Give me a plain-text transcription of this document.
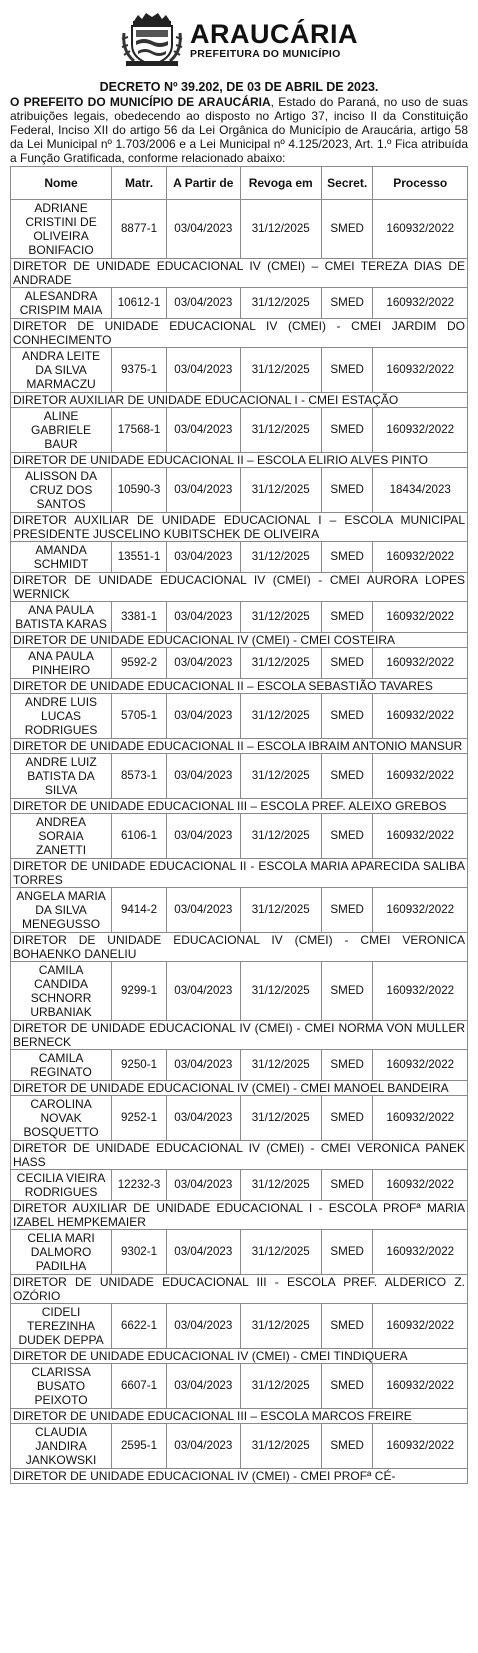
ARAUCÁRIA
PREFEITURA DO MUNICÍPIO
DECRETO Nº 39.202, DE 03 DE ABRIL DE 2023.
O PREFEITO DO MUNICÍPIO DE ARAUCÁRIA, Estado do Paraná, no uso de suas atribuições legais, obedecendo ao disposto no Artigo 37, inciso II da Constituição Federal, Inciso XII do artigo 56 da Lei Orgânica do Município de Araucária, artigo 58 da Lei Municipal nº 1.703/2006 e a Lei Municipal nº 4.125/2023, Art. 1.º Fica atribuída a Função Gratificada, conforme relacionado abaixo:
Nome	Matr.	A Partir de	Revoga em	Secret.	Processo
ADRIANE CRISTINI DE OLIVEIRA BONIFACIO	8877-1	03/04/2023	31/12/2025	SMED	160932/2022
DIRETOR DE UNIDADE EDUCACIONAL IV (CMEI) – CMEI TEREZA DIAS DE ANDRADE					
ALESANDRA CRISPIM MAIA	10612-1	03/04/2023	31/12/2025	SMED	160932/2022
DIRETOR DE UNIDADE EDUCACIONAL IV (CMEI) - CMEI JARDIM DO CONHECIMENTO					
ANDRA LEITE DA SILVA MARMACZU	9375-1	03/04/2023	31/12/2025	SMED	160932/2022
DIRETOR AUXILIAR DE UNIDADE EDUCACIONAL I - CMEI ESTAÇÃO					
ALINE GABRIELE BAUR	17568-1	03/04/2023	31/12/2025	SMED	160932/2022
DIRETOR DE UNIDADE EDUCACIONAL II – ESCOLA ELIRIO ALVES PINTO					
ALISSON DA CRUZ DOS SANTOS	10590-3	03/04/2023	31/12/2025	SMED	18434/2023
DIRETOR AUXILIAR DE UNIDADE EDUCACIONAL I – ESCOLA MUNICIPAL PRESIDENTE JUSCELINO KUBITSCHEK DE OLIVEIRA					
AMANDA SCHMIDT	13551-1	03/04/2023	31/12/2025	SMED	160932/2022
DIRETOR DE UNIDADE EDUCACIONAL IV (CMEI) - CMEI AURORA LOPES WERNICK					
ANA PAULA BATISTA KARAS	3381-1	03/04/2023	31/12/2025	SMED	160932/2022
DIRETOR DE UNIDADE EDUCACIONAL IV (CMEI) - CMEI COSTEIRA					
ANA PAULA PINHEIRO	9592-2	03/04/2023	31/12/2025	SMED	160932/2022
DIRETOR DE UNIDADE EDUCACIONAL II – ESCOLA SEBASTIÃO TAVARES					
ANDRE LUIS LUCAS RODRIGUES	5705-1	03/04/2023	31/12/2025	SMED	160932/2022
DIRETOR DE UNIDADE EDUCACIONAL II – ESCOLA IBRAIM ANTONIO MANSUR					
ANDRE LUIZ BATISTA DA SILVA	8573-1	03/04/2023	31/12/2025	SMED	160932/2022
DIRETOR DE UNIDADE EDUCACIONAL III – ESCOLA PREF. ALEIXO GREBOS					
ANDREA SORAIA ZANETTI	6106-1	03/04/2023	31/12/2025	SMED	160932/2022
DIRETOR DE UNIDADE EDUCACIONAL II - ESCOLA MARIA APARECIDA SALIBA TORRES					
ANGELA MARIA DA SILVA MENEGUSSO	9414-2	03/04/2023	31/12/2025	SMED	160932/2022
DIRETOR DE UNIDADE EDUCACIONAL IV (CMEI) - CMEI VERONICA BOHAENKO DANELIU					
CAMILA CANDIDA SCHNORR URBANIAK	9299-1	03/04/2023	31/12/2025	SMED	160932/2022
DIRETOR DE UNIDADE EDUCACIONAL IV (CMEI) - CMEI NORMA VON MULLER BERNECK					
CAMILA REGINATO	9250-1	03/04/2023	31/12/2025	SMED	160932/2022
DIRETOR DE UNIDADE EDUCACIONAL IV (CMEI) - CMEI MANOEL BANDEIRA					
CAROLINA NOVAK BOSQUETTO	9252-1	03/04/2023	31/12/2025	SMED	160932/2022
DIRETOR DE UNIDADE EDUCACIONAL IV (CMEI) - CMEI VERONICA PANEK HASS					
CECILIA VIEIRA RODRIGUES	12232-3	03/04/2023	31/12/2025	SMED	160932/2022
DIRETOR AUXILIAR DE UNIDADE EDUCACIONAL I - ESCOLA PROFª MARIA IZABEL HEMPKEMAIER					
CELIA MARI DALMORO PADILHA	9302-1	03/04/2023	31/12/2025	SMED	160932/2022
DIRETOR DE UNIDADE EDUCACIONAL III - ESCOLA PREF. ALDERICO Z. OZÓRIO					
CIDELI TEREZINHA DUDEK DEPPA	6622-1	03/04/2023	31/12/2025	SMED	160932/2022
DIRETOR DE UNIDADE EDUCACIONAL IV (CMEI) - CMEI TINDIQUERA					
CLARISSA BUSATO PEIXOTO	6607-1	03/04/2023	31/12/2025	SMED	160932/2022
DIRETOR DE UNIDADE EDUCACIONAL III – ESCOLA MARCOS FREIRE					
CLAUDIA JANDIRA JANKOWSKI	2595-1	03/04/2023	31/12/2025	SMED	160932/2022
DIRETOR DE UNIDADE EDUCACIONAL IV (CMEI) - CMEI PROFª CÉ-					
